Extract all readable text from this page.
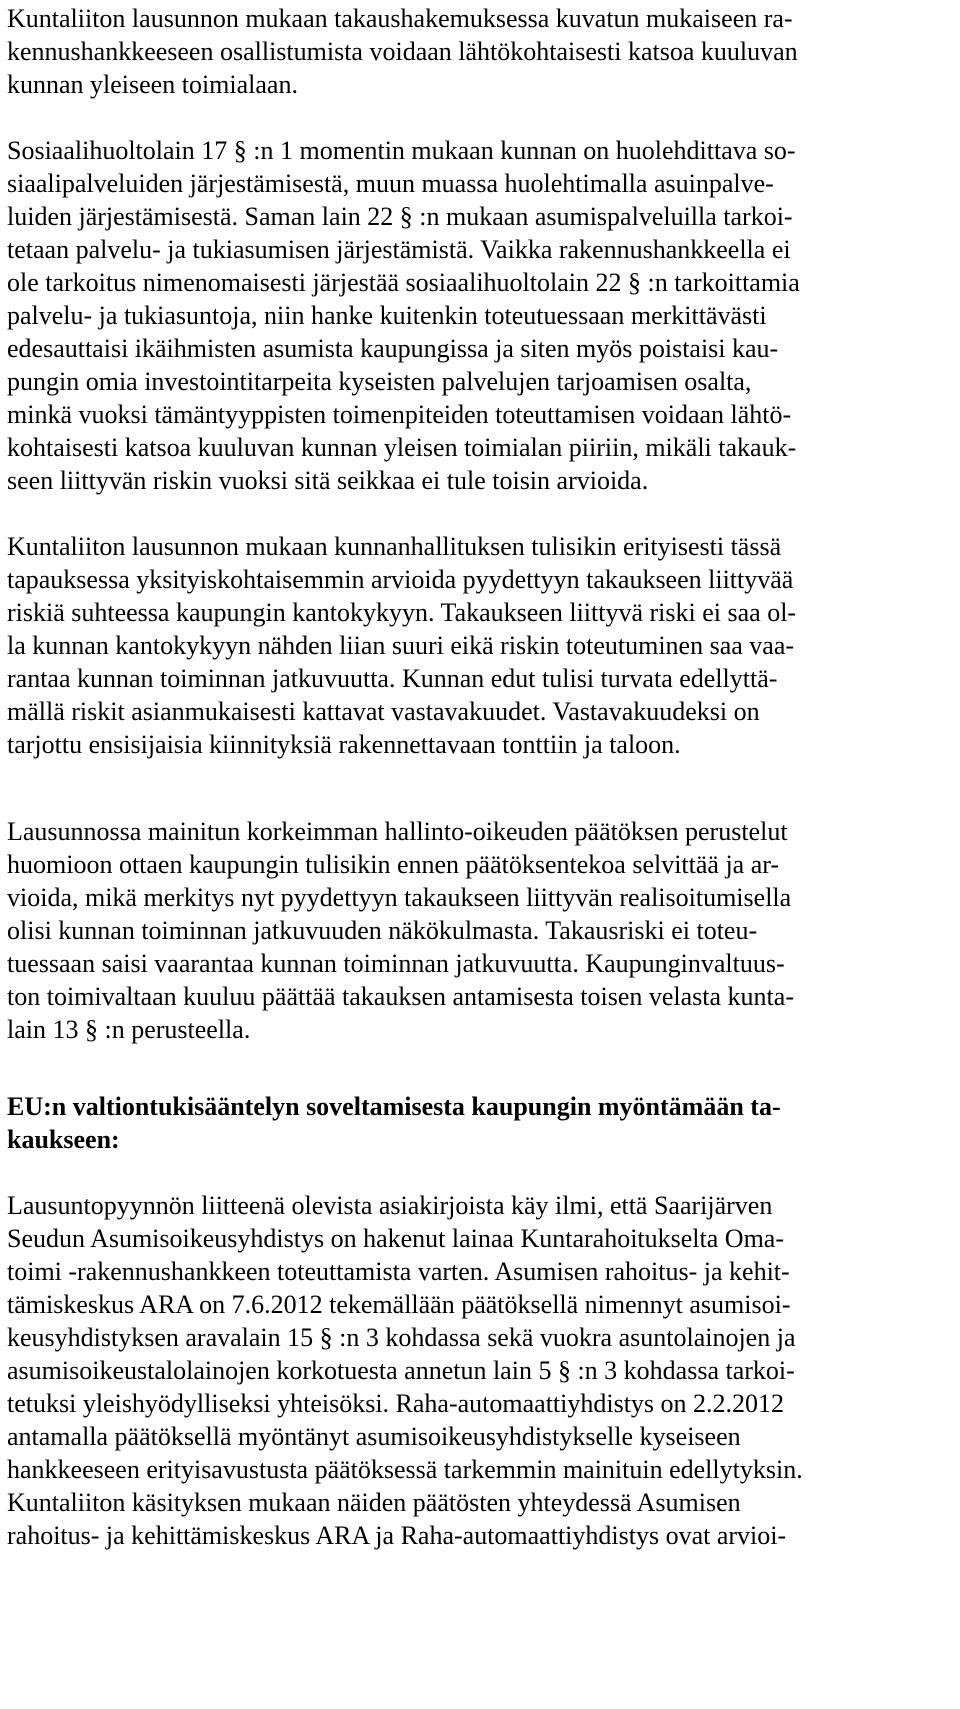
Kuntaliiton lausunnon mukaan takaushakemuksessa kuvatun mukaiseen ra-

kennushankkeeseen osallistumista voidaan lähtökohtaisesti katsoa kuuluvan

kunnan yleiseen toimialaan.

Sosiaalihuoltolain 17 § :n 1 momentin mukaan kunnan on huolehdittava so-

siaalipalveluiden järjestämisestä, muun muassa huolehtimalla asuinpalve-

luiden järjestämisestä. Saman lain 22 § :n mukaan asumispalveluilla tarkoi-

tetaan palvelu- ja tukiasumisen järjestämistä. Vaikka rakennushankkeella ei

ole tarkoitus nimenomaisesti järjestää sosiaalihuoltolain 22 § :n tarkoittamia

palvelu- ja tukiasuntoja, niin hanke kuitenkin toteutuessaan merkittävästi

edesauttaisi ikäihmisten asumista kaupungissa ja siten myös poistaisi kau-

pungin omia investointitarpeita kyseisten palvelujen tarjoamisen osalta,

minkä vuoksi tämäntyyppisten toimenpiteiden toteuttamisen voidaan lähtö-

kohtaisesti katsoa kuuluvan kunnan yleisen toimialan piiriin, mikäli takauk-

seen liittyvän riskin vuoksi sitä seikkaa ei tule toisin arvioida.

Kuntaliiton lausunnon mukaan kunnanhallituksen tulisikin erityisesti tässä

tapauksessa yksityiskohtaisemmin arvioida pyydettyyn takaukseen liittyvää

riskiä suhteessa kaupungin kantokykyyn. Takaukseen liittyvä riski ei saa ol-

la kunnan kantokykyyn nähden liian suuri eikä riskin toteutuminen saa vaa-

rantaa kunnan toiminnan jatkuvuutta. Kunnan edut tulisi turvata edellyttä-

mällä riskit asianmukaisesti kattavat vastavakuudet. Vastavakuudeksi on

tarjottu ensisijaisia kiinnityksiä rakennettavaan tonttiin ja taloon.

Lausunnossa mainitun korkeimman hallinto-oikeuden päätöksen perustelut

huomioon ottaen kaupungin tulisikin ennen päätöksentekoa selvittää ja ar-

vioida, mikä merkitys nyt pyydettyyn takaukseen liittyvän realisoitumisella

olisi kunnan toiminnan jatkuvuuden näkökulmasta. Takausriski ei toteu-

tuessaan saisi vaarantaa kunnan toiminnan jatkuvuutta. Kaupunginvaltuus-

ton toimivaltaan kuuluu päättää takauksen antamisesta toisen velasta kunta-

lain 13 § :n perusteella.

EU:n valtiontukisääntelyn soveltamisesta kaupungin myöntämään ta-

kaukseen:

Lausuntopyynnön liitteenä olevista asiakirjoista käy ilmi, että Saarijärven

Seudun Asumisoikeusyhdistys on hakenut lainaa Kuntarahoitukselta Oma-

toimi -rakennushankkeen toteuttamista varten. Asumisen rahoitus- ja kehit-

tämiskeskus ARA on 7.6.2012 tekemällään päätöksellä nimennyt asumisoi-

keusyhdistyksen aravalain 15 § :n 3 kohdassa sekä vuokra asuntolainojen ja

asumisoikeustalolainojen korkotuesta annetun lain 5 § :n 3 kohdassa tarkoi-

tetuksi yleishyödylliseksi yhteisöksi. Raha-automaattiyhdistys on 2.2.2012

antamalla päätöksellä myöntänyt asumisoikeusyhdistykselle kyseiseen

hankkeeseen erityisavustusta päätöksessä tarkemmin mainituin edellytyksin.

Kuntaliiton käsityksen mukaan näiden päätösten yhteydessä Asumisen

rahoitus- ja kehittämiskeskus ARA ja Raha-automaattiyhdistys ovat arvioi-
